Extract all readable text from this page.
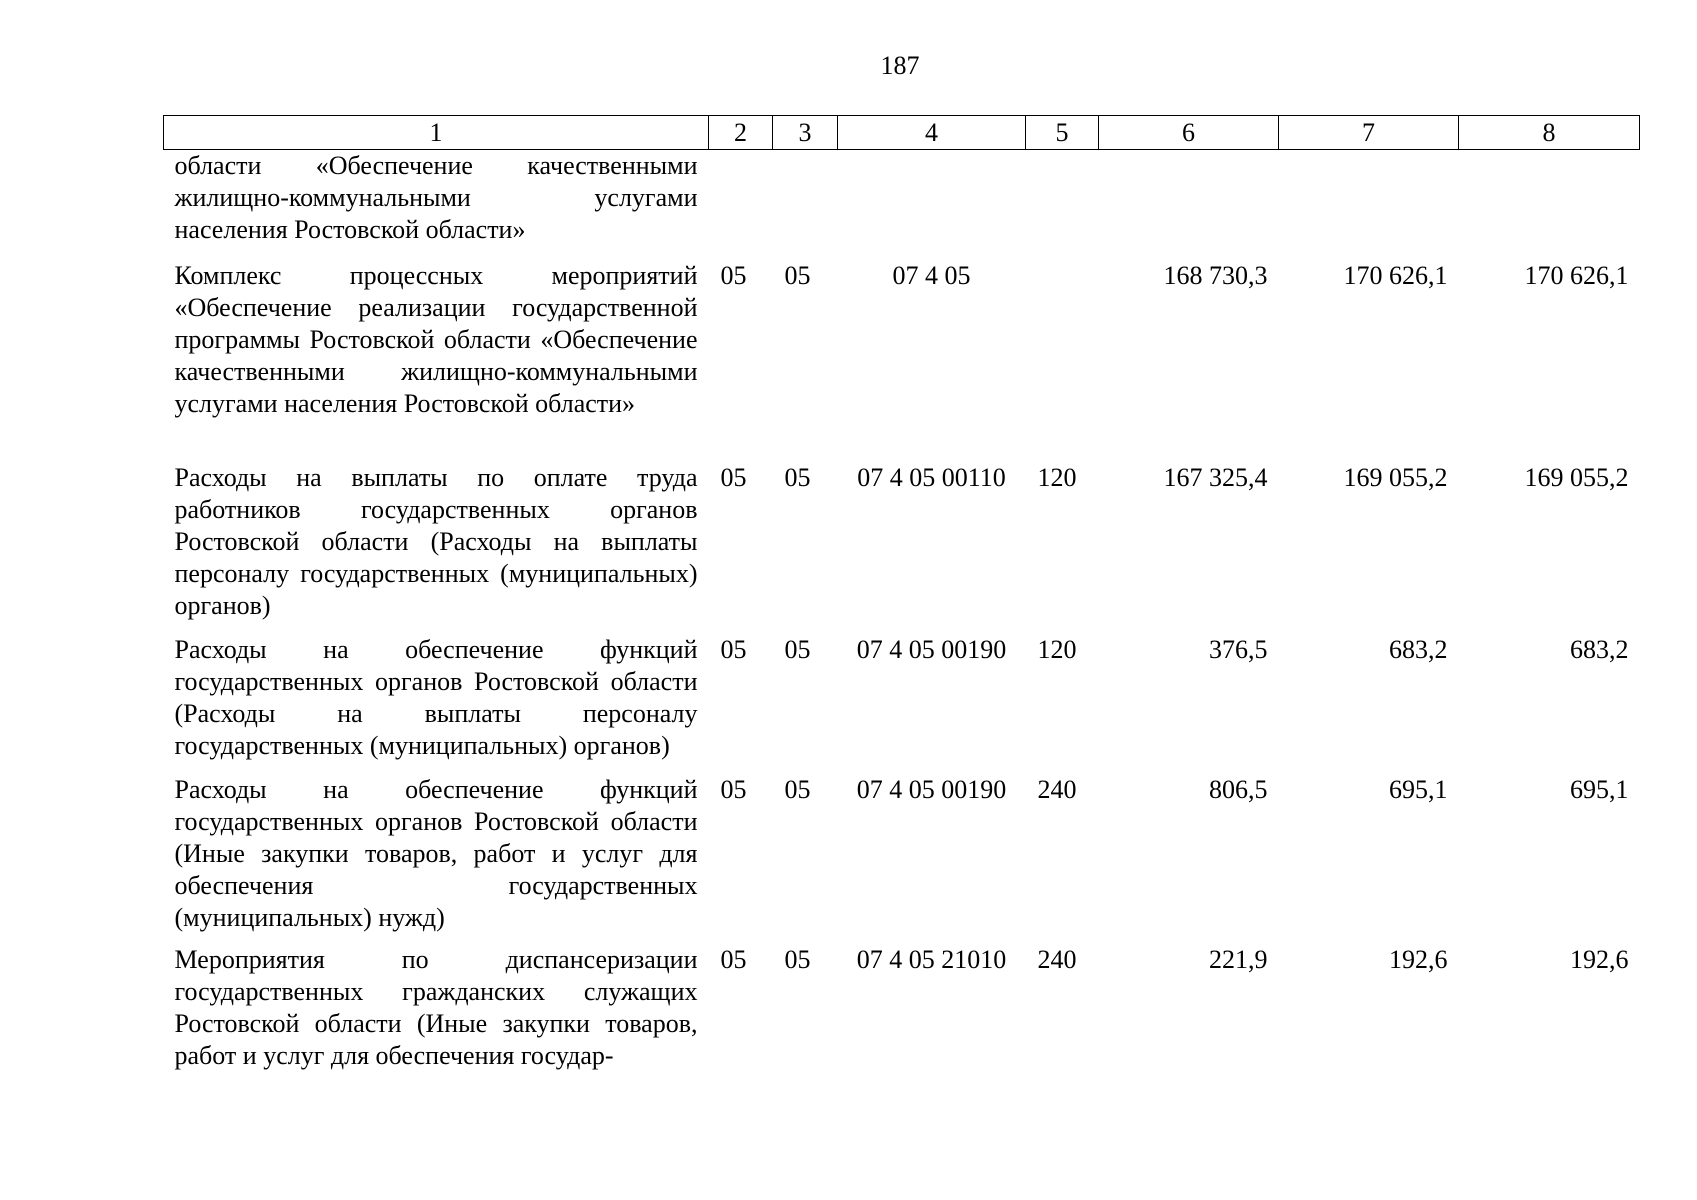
187
1	2	3	4	5	6	7	8
области «Обеспечение качественными жилищно-коммунальными услугами населения Ростовской области»							
Комплекс процессных мероприятий «Обеспечение реализации государственной программы Ростовской области «Обеспечение качественными жилищно-коммунальными услугами населения Ростовской области»	05	05	07 4 05		168 730,3	170 626,1	170 626,1
Расходы на выплаты по оплате труда работников государственных органов Ростовской области (Расходы на выплаты персоналу государственных (муниципальных) органов)	05	05	07 4 05 00110	120	167 325,4	169 055,2	169 055,2
Расходы на обеспечение функций государственных органов Ростовской области (Расходы на выплаты персоналу государственных (муниципальных) органов)	05	05	07 4 05 00190	120	376,5	683,2	683,2
Расходы на обеспечение функций государственных органов Ростовской области (Иные закупки товаров, работ и услуг для обеспечения государственных (муниципальных) нужд)	05	05	07 4 05 00190	240	806,5	695,1	695,1
Мероприятия по диспансеризации государственных гражданских служащих Ростовской области (Иные закупки товаров, работ и услуг для обеспечения государ-	05	05	07 4 05 21010	240	221,9	192,6	192,6
